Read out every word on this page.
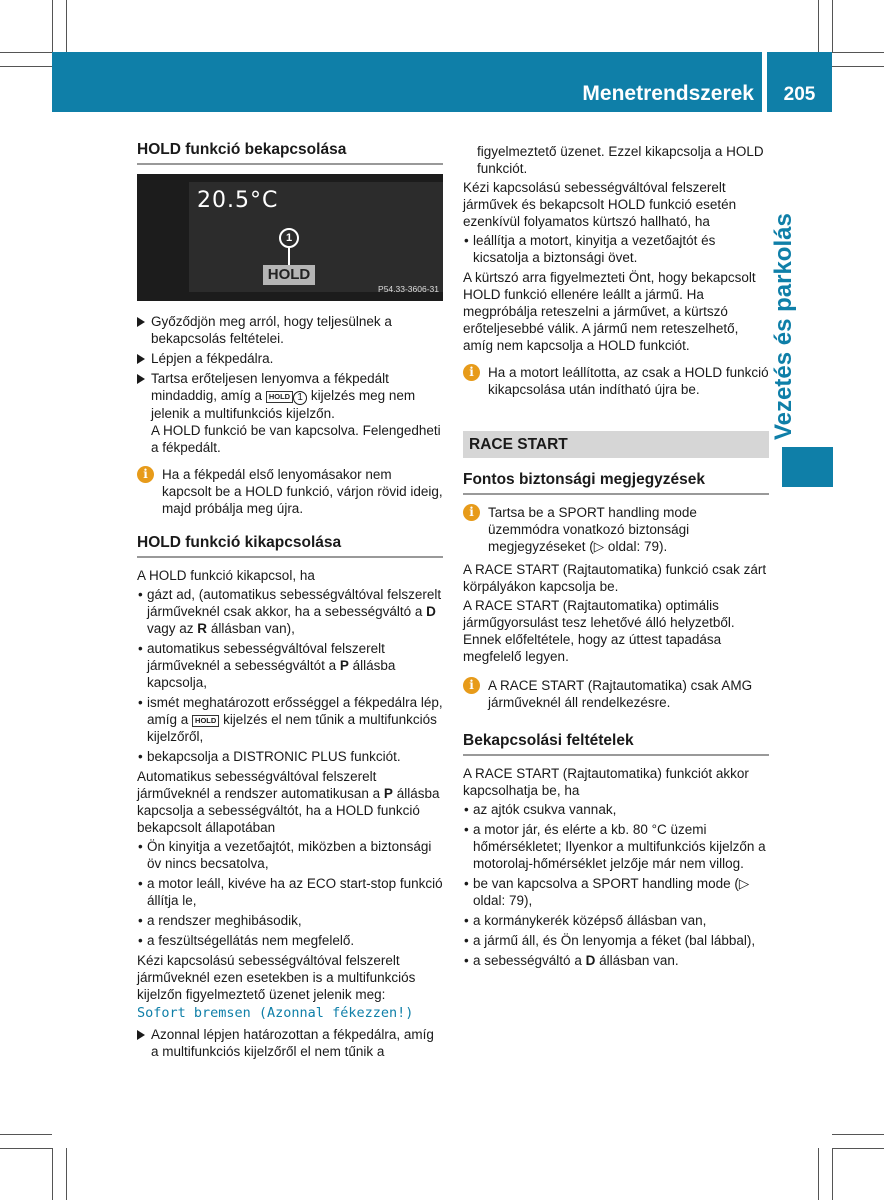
Menetrendszerek	205
Vezetés és parkolás
HOLD funkció bekapcsolása
20.5°C
1
HOLD
P54.33-3606-31
Győződjön meg arról, hogy teljesülnek a bekapcsolás feltételei.
Lépjen a fékpedálra.
Tartsa erőteljesen lenyomva a fékpedált mindaddig, amíg a HOLD 1 kijelzés meg nem jelenik a multifunkciós kijelzőn.
A HOLD funkció be van kapcsolva. Felengedheti a fékpedált.
i	Ha a fékpedál első lenyomásakor nem kapcsolt be a HOLD funkció, várjon rövid ideig, majd próbálja meg újra.
HOLD funkció kikapcsolása

A HOLD funkció kikapcsol, ha

• gázt ad, (automatikus sebességváltóval felszerelt járműveknél csak akkor, ha a sebességváltó a D vagy az R állásban van),
• automatikus sebességváltóval felszerelt járműveknél a sebességváltót a P állásba kapcsolja,
• ismét meghatározott erősséggel a fékpedálra lép, amíg a HOLD kijelzés el nem tűnik a multifunkciós kijelzőről,
• bekapcsolja a DISTRONIC PLUS funkciót.

Automatikus sebességváltóval felszerelt járműveknél a rendszer automatikusan a P állásba kapcsolja a sebességváltót, ha a HOLD funkció bekapcsolt állapotában

• Ön kinyitja a vezetőajtót, miközben a biztonsági öv nincs becsatolva,
• a motor leáll, kivéve ha az ECO start-stop funkció állítja le,
• a rendszer meghibásodik,
• a feszültségellátás nem megfelelő.

Kézi kapcsolású sebességváltóval felszerelt járműveknél ezen esetekben is a multifunkciós kijelzőn figyelmeztető üzenet jelenik meg:

Sofort bremsen (Azonnal fékezzen!)
Azonnal lépjen határozottan a fékpedálra, amíg a multifunkciós kijelzőről el nem tűnik a

figyelmeztető üzenet. Ezzel kikapcsolja a HOLD funkciót.

Kézi kapcsolású sebességváltóval felszerelt járművek és bekapcsolt HOLD funkció esetén ezenkívül folyamatos kürtszó hallható, ha

• leállítja a motort, kinyitja a vezetőajtót és kicsatolja a biztonsági övet.

A kürtszó arra figyelmezteti Önt, hogy bekapcsolt HOLD funkció ellenére leállt a jármű. Ha megpróbálja reteszelni a járművet, a kürtszó erőteljesebbé válik. A jármű nem reteszelhető, amíg nem kapcsolja a HOLD funkciót.

i	Ha a motort leállította, az csak a HOLD funkció kikapcsolása után indítható újra be.
RACE START
Fontos biztonsági megjegyzések
i	Tartsa be a SPORT handling mode üzemmódra vonatkozó biztonsági megjegyzéseket (▷ oldal: 79).

A RACE START (Rajtautomatika) funkció csak zárt körpályákon kapcsolja be.

A RACE START (Rajtautomatika) optimális járműgyorsulást tesz lehetővé álló helyzetből. Ennek előfeltétele, hogy az úttest tapadása megfelelő legyen.

i	A RACE START (Rajtautomatika) csak AMG járműveknél áll rendelkezésre.
Bekapcsolási feltételek

A RACE START (Rajtautomatika) funkciót akkor kapcsolhatja be, ha

• az ajtók csukva vannak,
• a motor jár, és elérte a kb. 80 °C üzemi hőmérsékletet; Ilyenkor a multifunkciós kijelzőn a motorolaj-hőmérséklet jelzője már nem villog.
• be van kapcsolva a SPORT handling mode (▷ oldal: 79),
• a kormánykerék középső állásban van,
• a jármű áll, és Ön lenyomja a féket (bal lábbal),
• a sebességváltó a D állásban van.
